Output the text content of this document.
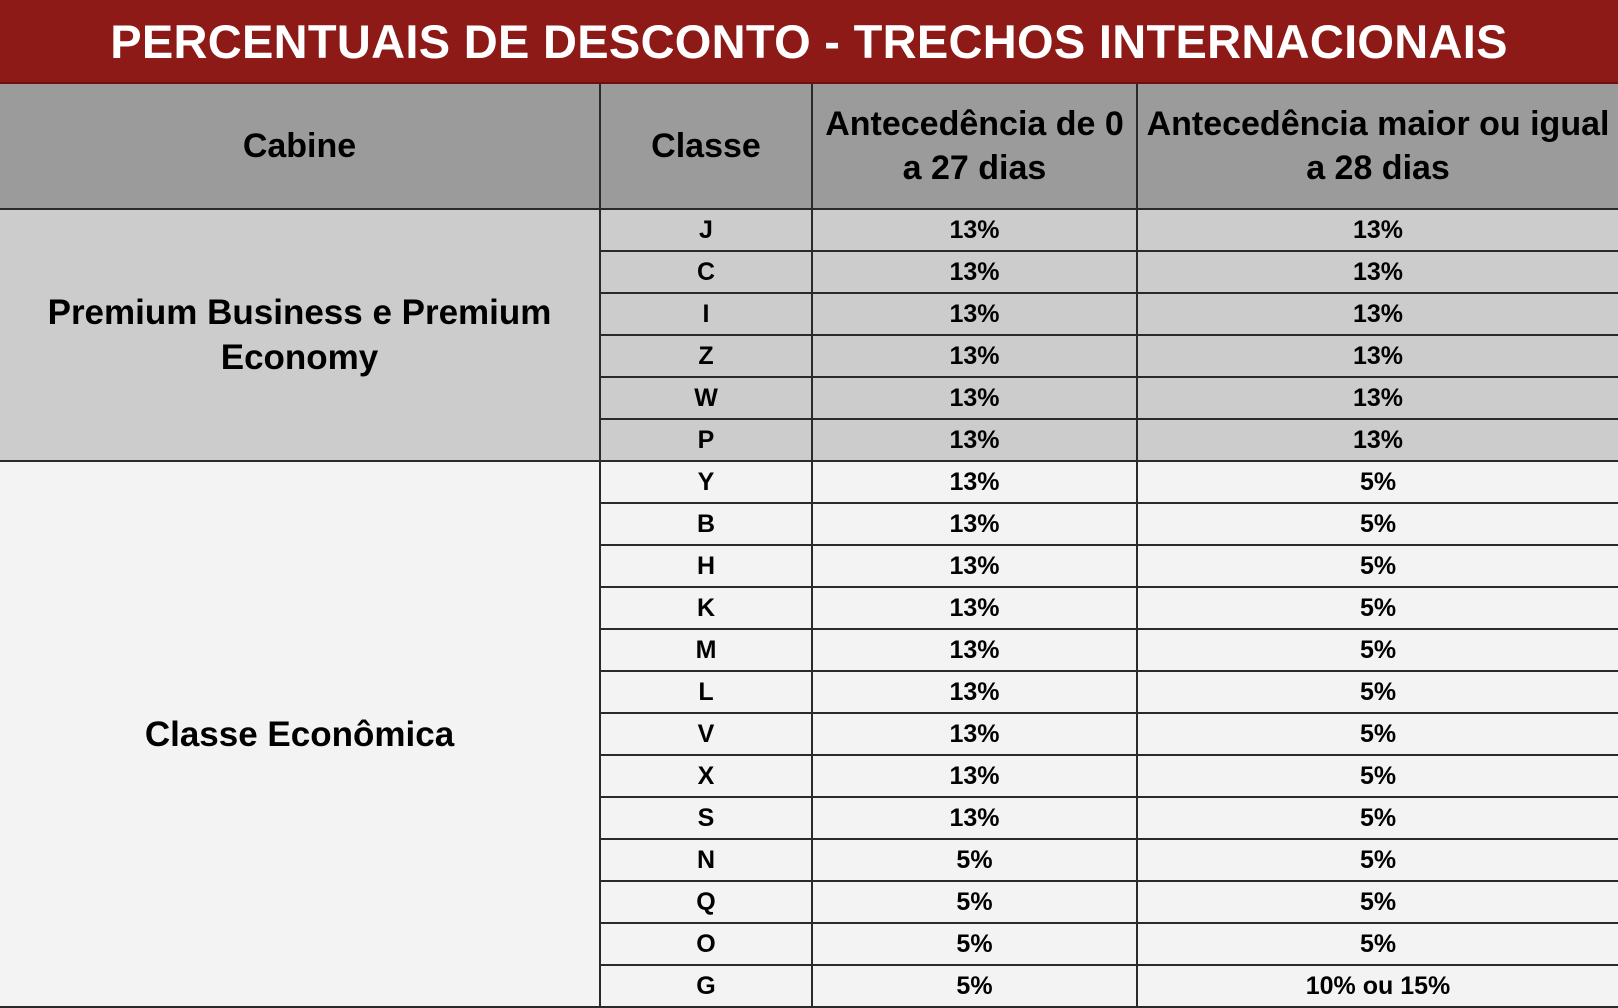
PERCENTUAIS DE DESCONTO - TRECHOS INTERNACIONAIS			
Cabine	Classe	Antecedência de 0 a 27 dias	Antecedência maior ou igual a 28 dias
Premium Business e Premium Economy	J	13%	13%
	C	13%	13%
	I	13%	13%
	Z	13%	13%
	W	13%	13%
	P	13%	13%
Classe Econômica	Y	13%	5%
	B	13%	5%
	H	13%	5%
	K	13%	5%
	M	13%	5%
	L	13%	5%
	V	13%	5%
	X	13%	5%
	S	13%	5%
	N	5%	5%
	Q	5%	5%
	O	5%	5%
	G	5%	10% ou 15%
